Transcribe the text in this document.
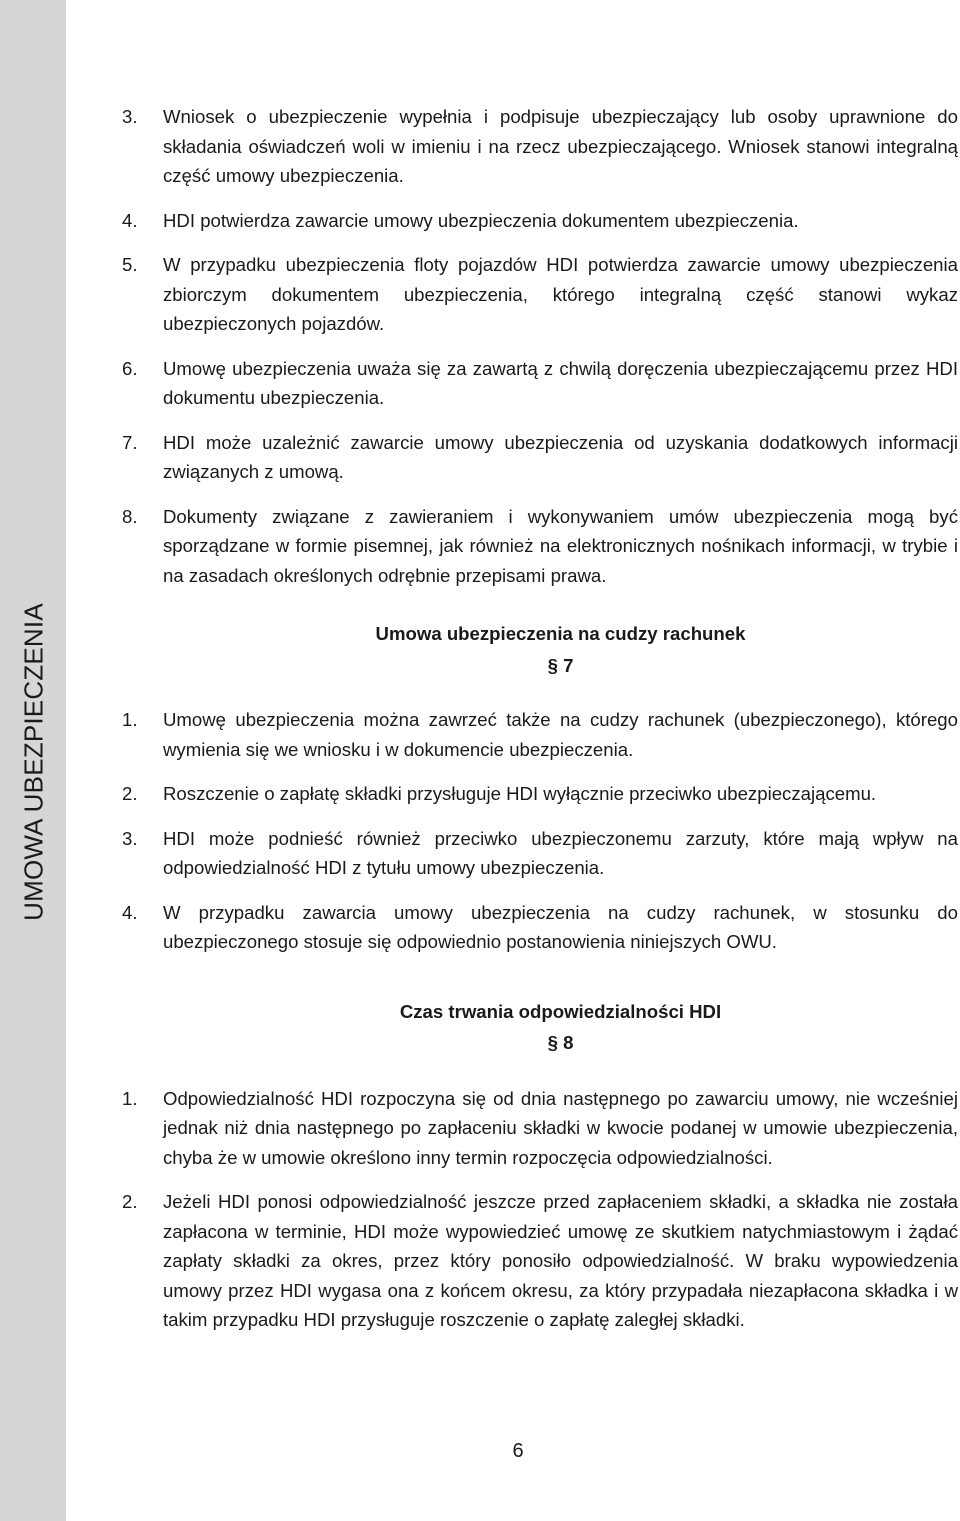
UMOWA UBEZPIECZENIA
3.	Wniosek o ubezpieczenie wypełnia i podpisuje ubezpieczający lub osoby uprawnione do składania oświadczeń woli w imieniu i na rzecz ubezpieczającego. Wniosek stanowi integralną część umowy ubezpieczenia.
4.	HDI potwierdza zawarcie umowy ubezpieczenia dokumentem ubezpieczenia.
5.	W przypadku ubezpieczenia floty pojazdów HDI potwierdza zawarcie umowy ubezpieczenia zbiorczym dokumentem ubezpieczenia, którego integralną część stanowi wykaz ubezpieczonych pojazdów.
6.	Umowę ubezpieczenia uważa się za zawartą z chwilą doręczenia ubezpieczającemu przez HDI dokumentu ubezpieczenia.
7.	HDI może uzależnić zawarcie umowy ubezpieczenia od uzyskania dodatkowych informacji związanych z umową.
8.	Dokumenty związane z zawieraniem i wykonywaniem umów ubezpieczenia mogą być sporządzane w formie pisemnej, jak również na elektronicznych nośnikach informacji, w trybie i na zasadach określonych odrębnie przepisami prawa.
Umowa ubezpieczenia na cudzy rachunek
§ 7
1.	Umowę ubezpieczenia można zawrzeć także na cudzy rachunek (ubezpieczonego), którego wymienia się we wniosku i w dokumencie ubezpieczenia.
2.	Roszczenie o zapłatę składki przysługuje HDI wyłącznie przeciwko ubezpieczającemu.
3.	HDI może podnieść również przeciwko ubezpieczonemu zarzuty, które mają wpływ na odpowiedzialność HDI z tytułu umowy ubezpieczenia.
4.	W przypadku zawarcia umowy ubezpieczenia na cudzy rachunek, w stosunku do ubezpieczonego stosuje się odpowiednio postanowienia niniejszych OWU.
Czas trwania odpowiedzialności HDI
§ 8
1.	Odpowiedzialność HDI rozpoczyna się od dnia następnego po zawarciu umowy, nie wcześniej jednak niż dnia następnego po zapłaceniu składki w kwocie podanej w umowie ubezpieczenia, chyba że w umowie określono inny termin rozpoczęcia odpowiedzialności.
2.	Jeżeli HDI ponosi odpowiedzialność jeszcze przed zapłaceniem składki, a składka nie została zapłacona w terminie, HDI może wypowiedzieć umowę ze skutkiem natychmiastowym i żądać zapłaty składki za okres, przez który ponosiło odpowiedzialność. W braku wypowiedzenia umowy przez HDI wygasa ona z końcem okresu, za który przypadała niezapłacona składka i w takim przypadku HDI przysługuje roszczenie o zapłatę zaległej składki.
6
